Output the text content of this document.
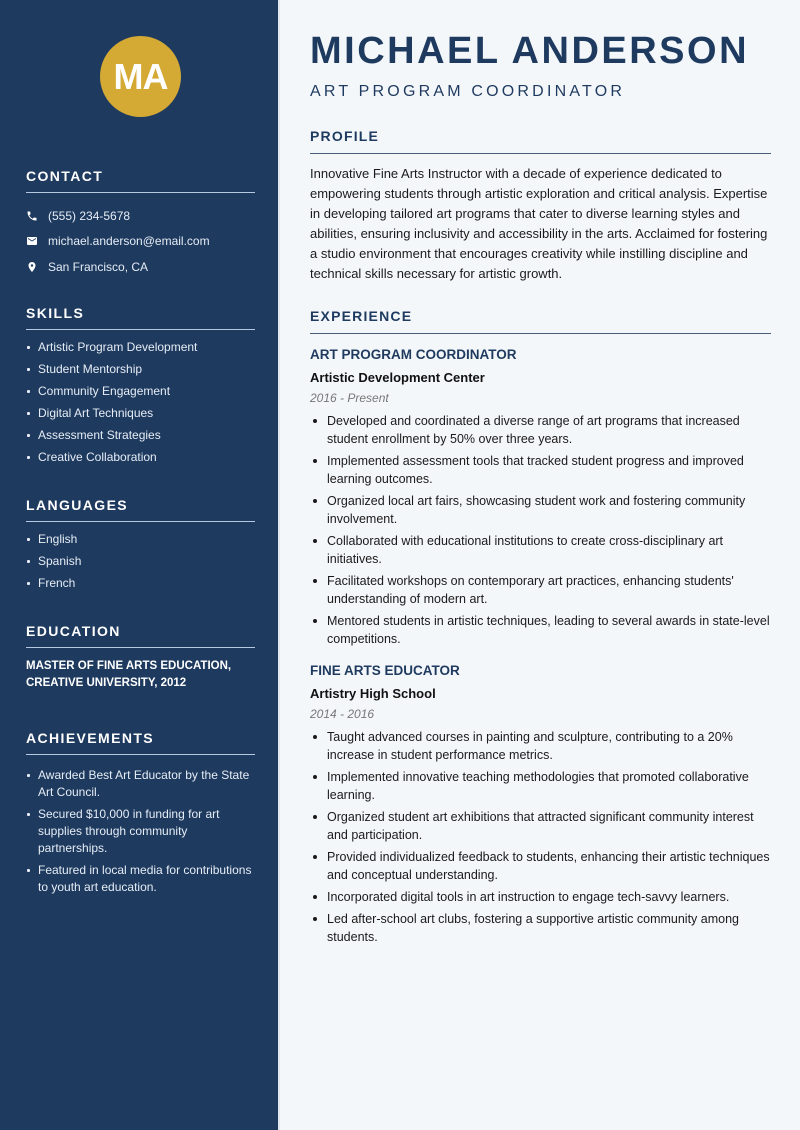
MA
CONTACT
(555) 234-5678
michael.anderson@email.com
San Francisco, CA
SKILLS
Artistic Program Development
Student Mentorship
Community Engagement
Digital Art Techniques
Assessment Strategies
Creative Collaboration
LANGUAGES
English
Spanish
French
EDUCATION
MASTER OF FINE ARTS EDUCATION,
CREATIVE UNIVERSITY, 2012
ACHIEVEMENTS
Awarded Best Art Educator by the State Art Council.
Secured $10,000 in funding for art supplies through community partnerships.
Featured in local media for contributions to youth art education.
MICHAEL ANDERSON
ART PROGRAM COORDINATOR
PROFILE

Innovative Fine Arts Instructor with a decade of experience dedicated to empowering students through artistic exploration and critical analysis. Expertise in developing tailored art programs that cater to diverse learning styles and abilities, ensuring inclusivity and accessibility in the arts. Acclaimed for fostering a studio environment that encourages creativity while instilling discipline and technical skills necessary for artistic growth.

EXPERIENCE
ART PROGRAM COORDINATOR
Artistic Development Center
2016 - Present
Developed and coordinated a diverse range of art programs that increased student enrollment by 50% over three years.
Implemented assessment tools that tracked student progress and improved learning outcomes.
Organized local art fairs, showcasing student work and fostering community involvement.
Collaborated with educational institutions to create cross-disciplinary art initiatives.
Facilitated workshops on contemporary art practices, enhancing students' understanding of modern art.
Mentored students in artistic techniques, leading to several awards in state-level competitions.
FINE ARTS EDUCATOR
Artistry High School
2014 - 2016
Taught advanced courses in painting and sculpture, contributing to a 20% increase in student performance metrics.
Implemented innovative teaching methodologies that promoted collaborative learning.
Organized student art exhibitions that attracted significant community interest and participation.
Provided individualized feedback to students, enhancing their artistic techniques and conceptual understanding.
Incorporated digital tools in art instruction to engage tech-savvy learners.
Led after-school art clubs, fostering a supportive artistic community among students.
